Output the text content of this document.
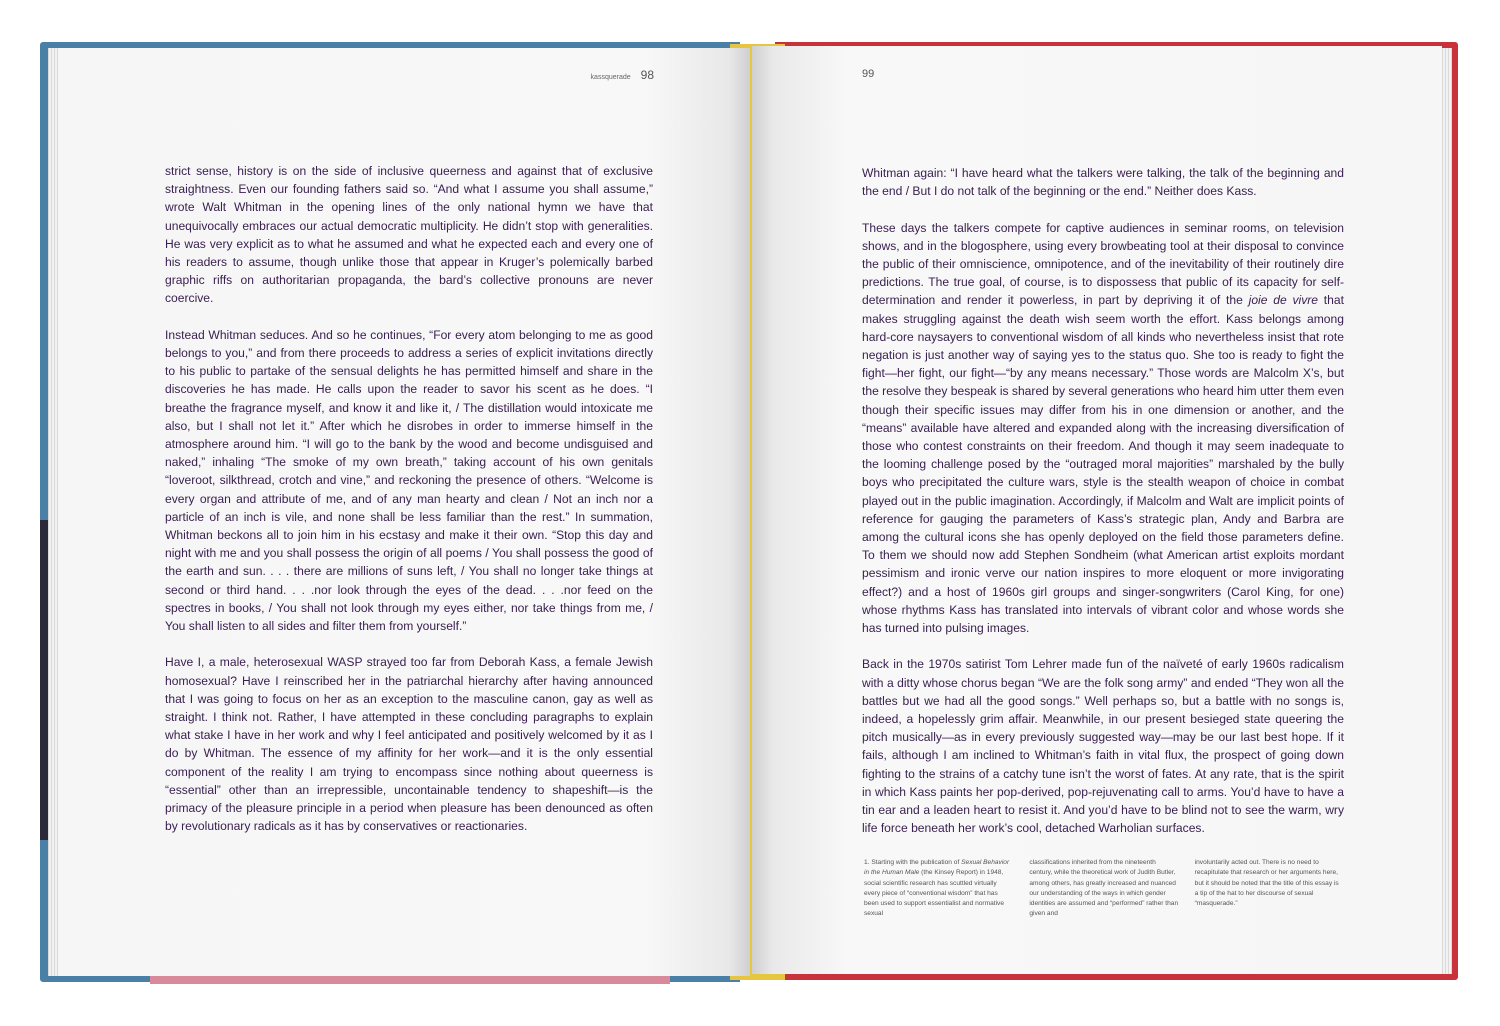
kassquerade 98

strict sense, history is on the side of inclusive queerness and against that of exclusive straightness. Even our founding fathers said so. “And what I assume you shall assume,” wrote Walt Whitman in the opening lines of the only national hymn we have that unequivocally embraces our actual democratic multiplicity. He didn’t stop with generalities. He was very explicit as to what he assumed and what he expected each and every one of his readers to assume, though unlike those that appear in Kruger’s polemically barbed graphic riffs on authoritarian propaganda, the bard’s collective pronouns are never coercive.

Instead Whitman seduces. And so he continues, “For every atom belonging to me as good belongs to you,” and from there proceeds to address a series of explicit invitations directly to his public to partake of the sensual delights he has permitted himself and share in the discoveries he has made. He calls upon the reader to savor his scent as he does. “I breathe the fragrance myself, and know it and like it, / The distillation would intoxicate me also, but I shall not let it.” After which he disrobes in order to immerse himself in the atmosphere around him. “I will go to the bank by the wood and become undisguised and naked,” inhaling “The smoke of my own breath,” taking account of his own genitals “loveroot, silkthread, crotch and vine,” and reckoning the presence of others. “Welcome is every organ and attribute of me, and of any man hearty and clean / Not an inch nor a particle of an inch is vile, and none shall be less familiar than the rest.” In summation, Whitman beckons all to join him in his ecstasy and make it their own. “Stop this day and night with me and you shall possess the origin of all poems / You shall possess the good of the earth and sun. . . . there are millions of suns left, / You shall no longer take things at second or third hand. . . .nor look through the eyes of the dead. . . .nor feed on the spectres in books, / You shall not look through my eyes either, nor take things from me, / You shall listen to all sides and filter them from yourself.”

Have I, a male, heterosexual WASP strayed too far from Deborah Kass, a female Jewish homosexual? Have I reinscribed her in the patriarchal hierarchy after having announced that I was going to focus on her as an exception to the masculine canon, gay as well as straight. I think not. Rather, I have attempted in these concluding paragraphs to explain what stake I have in her work and why I feel anticipated and positively welcomed by it as I do by Whitman. The essence of my affinity for her work—and it is the only essential component of the reality I am trying to encompass since nothing about queerness is “essential” other than an irrepressible, uncontainable tendency to shapeshift—is the primacy of the pleasure principle in a period when pleasure has been denounced as often by revolutionary radicals as it has by conservatives or reactionaries.

99

Whitman again: “I have heard what the talkers were talking, the talk of the beginning and the end / But I do not talk of the beginning or the end.” Neither does Kass.

These days the talkers compete for captive audiences in seminar rooms, on television shows, and in the blogosphere, using every browbeating tool at their disposal to convince the public of their omniscience, omnipotence, and of the inevitability of their routinely dire predictions. The true goal, of course, is to dispossess that public of its capacity for self-determination and render it powerless, in part by depriving it of the joie de vivre that makes struggling against the death wish seem worth the effort. Kass belongs among hard-core naysayers to conventional wisdom of all kinds who nevertheless insist that rote negation is just another way of saying yes to the status quo. She too is ready to fight the fight—her fight, our fight—“by any means necessary.” Those words are Malcolm X’s, but the resolve they bespeak is shared by several generations who heard him utter them even though their specific issues may differ from his in one dimension or another, and the “means” available have altered and expanded along with the increasing diversification of those who contest constraints on their freedom. And though it may seem inadequate to the looming challenge posed by the “outraged moral majorities” marshaled by the bully boys who precipitated the culture wars, style is the stealth weapon of choice in combat played out in the public imagination. Accordingly, if Malcolm and Walt are implicit points of reference for gauging the parameters of Kass’s strategic plan, Andy and Barbra are among the cultural icons she has openly deployed on the field those parameters define. To them we should now add Stephen Sondheim (what American artist exploits mordant pessimism and ironic verve our nation inspires to more eloquent or more invigorating effect?) and a host of 1960s girl groups and singer-songwriters (Carol King, for one) whose rhythms Kass has translated into intervals of vibrant color and whose words she has turned into pulsing images.

Back in the 1970s satirist Tom Lehrer made fun of the naïveté of early 1960s radicalism with a ditty whose chorus began “We are the folk song army” and ended “They won all the battles but we had all the good songs.” Well perhaps so, but a battle with no songs is, indeed, a hopelessly grim affair. Meanwhile, in our present besieged state queering the pitch musically—as in every previously suggested way—may be our last best hope. If it fails, although I am inclined to Whitman’s faith in vital flux, the prospect of going down fighting to the strains of a catchy tune isn’t the worst of fates. At any rate, that is the spirit in which Kass paints her pop-derived, pop-rejuvenating call to arms. You’d have to have a tin ear and a leaden heart to resist it. And you’d have to be blind not to see the warm, wry life force beneath her work’s cool, detached Warholian surfaces.

1. Starting with the publication of Sexual Behavior in the Human Male (the Kinsey Report) in 1948, social scientific research has scuttled virtually every piece of “conventional wisdom” that has been used to support essentialist and normative sexual
classifications inherited from the nineteenth century, while the theoretical work of Judith Butler, among others, has greatly increased and nuanced our understanding of the ways in which gender identities are assumed and “performed” rather than given and
involuntarily acted out. There is no need to recapitulate that research or her arguments here, but it should be noted that the title of this essay is a tip of the hat to her discourse of sexual “masquerade.”
